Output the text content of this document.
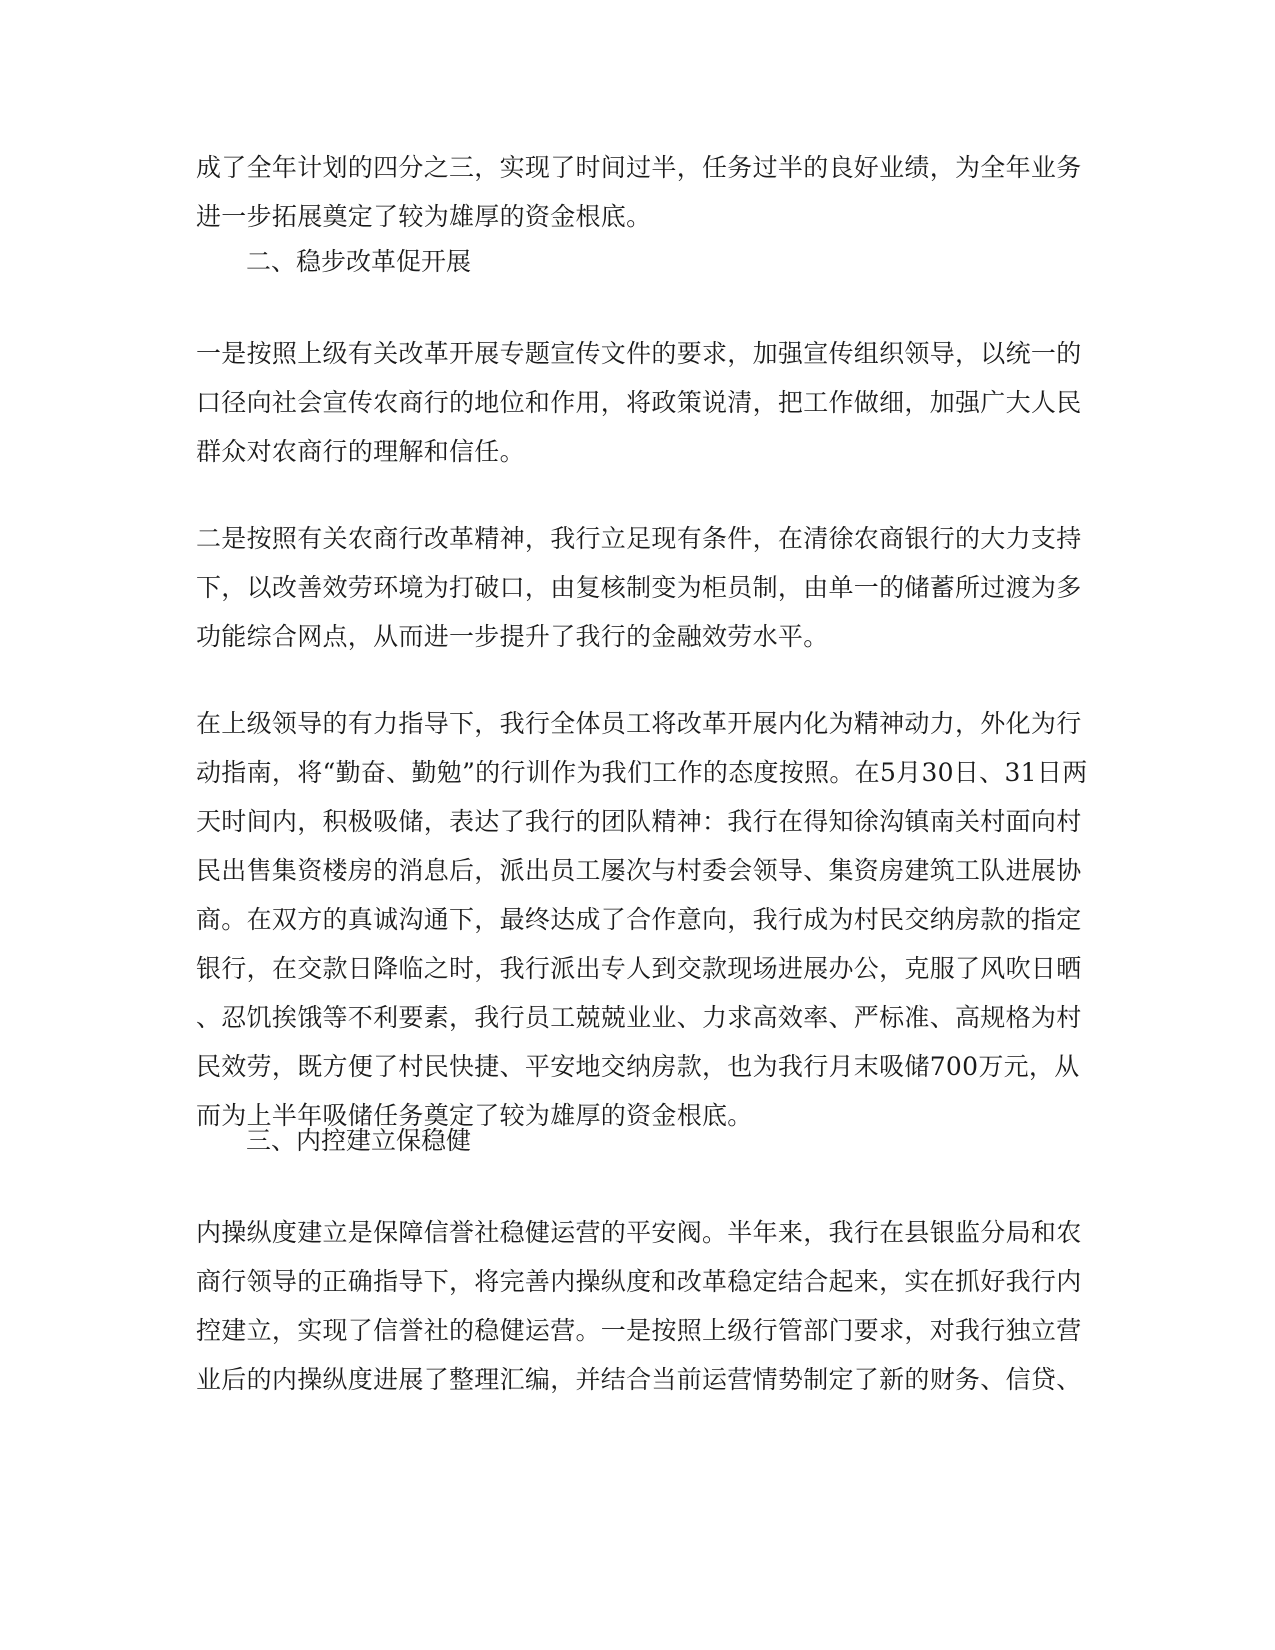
成了全年计划的四分之三，实现了时间过半，任务过半的良好业绩，为全年业务
进一步拓展奠定了较为雄厚的资金根底。
二、稳步改革促开展
一是按照上级有关改革开展专题宣传文件的要求，加强宣传组织领导，以统一的
口径向社会宣传农商行的地位和作用，将政策说清，把工作做细，加强广大人民
群众对农商行的理解和信任。
二是按照有关农商行改革精神，我行立足现有条件，在清徐农商银行的大力支持
下，以改善效劳环境为打破口，由复核制变为柜员制，由单一的储蓄所过渡为多
功能综合网点，从而进一步提升了我行的金融效劳水平。
在上级领导的有力指导下，我行全体员工将改革开展内化为精神动力，外化为行
动指南，将“勤奋、勤勉”的行训作为我们工作的态度按照。在5月30日、31日两
天时间内，积极吸储，表达了我行的团队精神：我行在得知徐沟镇南关村面向村
民出售集资楼房的消息后，派出员工屡次与村委会领导、集资房建筑工队进展协
商。在双方的真诚沟通下，最终达成了合作意向，我行成为村民交纳房款的指定
银行，在交款日降临之时，我行派出专人到交款现场进展办公，克服了风吹日晒
、忍饥挨饿等不利要素，我行员工兢兢业业、力求高效率、严标准、高规格为村
民效劳，既方便了村民快捷、平安地交纳房款，也为我行月末吸储700万元，从
而为上半年吸储任务奠定了较为雄厚的资金根底。
三、内控建立保稳健
内操纵度建立是保障信誉社稳健运营的平安阀。半年来，我行在县银监分局和农
商行领导的正确指导下，将完善内操纵度和改革稳定结合起来，实在抓好我行内
控建立，实现了信誉社的稳健运营。一是按照上级行管部门要求，对我行独立营
业后的内操纵度进展了整理汇编，并结合当前运营情势制定了新的财务、信贷、
